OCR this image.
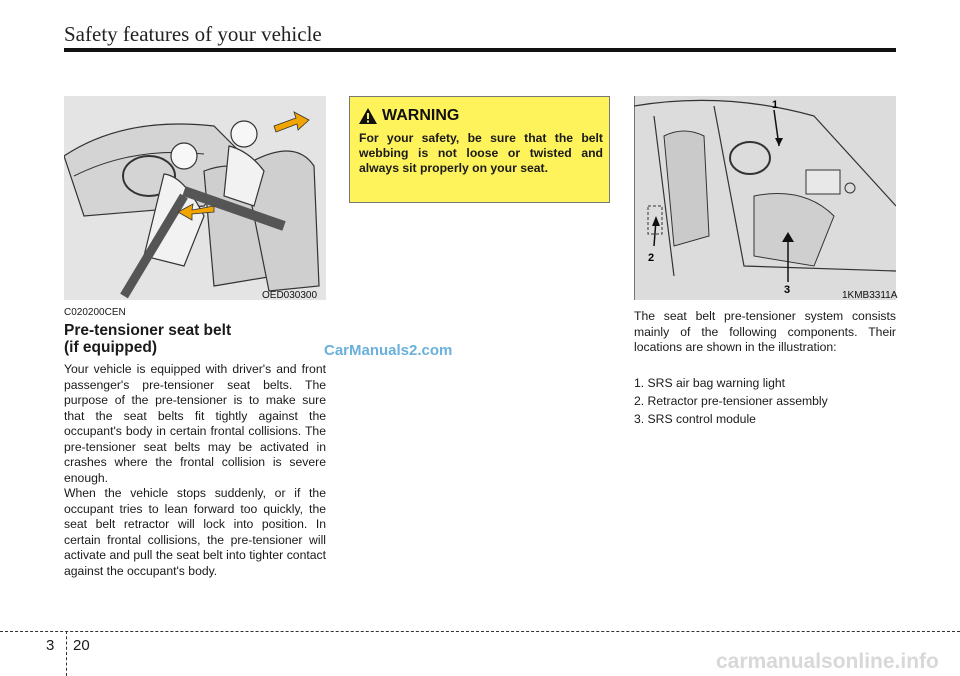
Safety features of your vehicle
OED030300
C020200CEN
Pre-tensioner seat belt
(if equipped)

Your vehicle is equipped with driver's and front passenger's pre-tensioner seat belts. The purpose of the pre-tensioner is to make sure that the seat belts fit tightly against the occupant's body in certain frontal collisions. The pre-tensioner seat belts may be activated in crashes where the frontal collision is severe enough.

When the vehicle stops suddenly, or if the occupant tries to lean forward too quickly, the seat belt retractor will lock into position. In certain frontal collisions, the pre-tensioner will activate and pull the seat belt into tighter contact against the occupant's body.

WARNING
For your safety, be sure that the belt webbing is not loose or twisted and always sit properly on your seat.
1
2
3	1KMB3311A

The seat belt pre-tensioner system consists mainly of the following components. Their locations are shown in the illustration:

1. SRS air bag warning light
2. Retractor pre-tensioner assembly
3. SRS control module
CarManuals2.com
3 20
carmanualsonline.info
